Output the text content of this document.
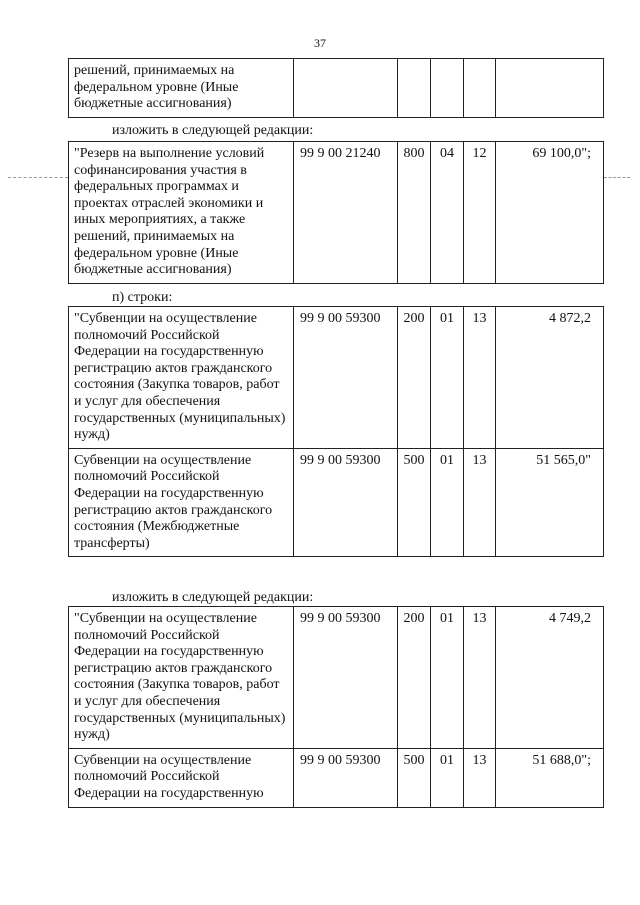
37
решений, принимаемых на федеральном уровне (Иные бюджетные ассигнования)					
изложить в следующей редакции:
"Резерв на выполнение условий софинансирования участия в федеральных программах и проектах отраслей экономики и иных мероприятиях, а также решений, принимаемых на федеральном уровне (Иные бюджетные ассигнования)	99 9 00 21240	800	04	12	69 100,0";
п) строки:
"Субвенции на осуществление полномочий Российской Федерации на государственную регистрацию актов гражданского состояния (Закупка товаров, работ и услуг для обеспечения государственных (муниципальных) нужд)	99 9 00 59300	200	01	13	4 872,2
Субвенции на осуществление полномочий Российской Федерации на государственную регистрацию актов гражданского состояния (Межбюджетные трансферты)	99 9 00 59300	500	01	13	51 565,0"
изложить в следующей редакции:
"Субвенции на осуществление полномочий Российской Федерации на государственную регистрацию актов гражданского состояния (Закупка товаров, работ и услуг для обеспечения государственных (муниципальных) нужд)	99 9 00 59300	200	01	13	4 749,2
Субвенции на осуществление полномочий Российской Федерации на государственную	99 9 00 59300	500	01	13	51 688,0";
